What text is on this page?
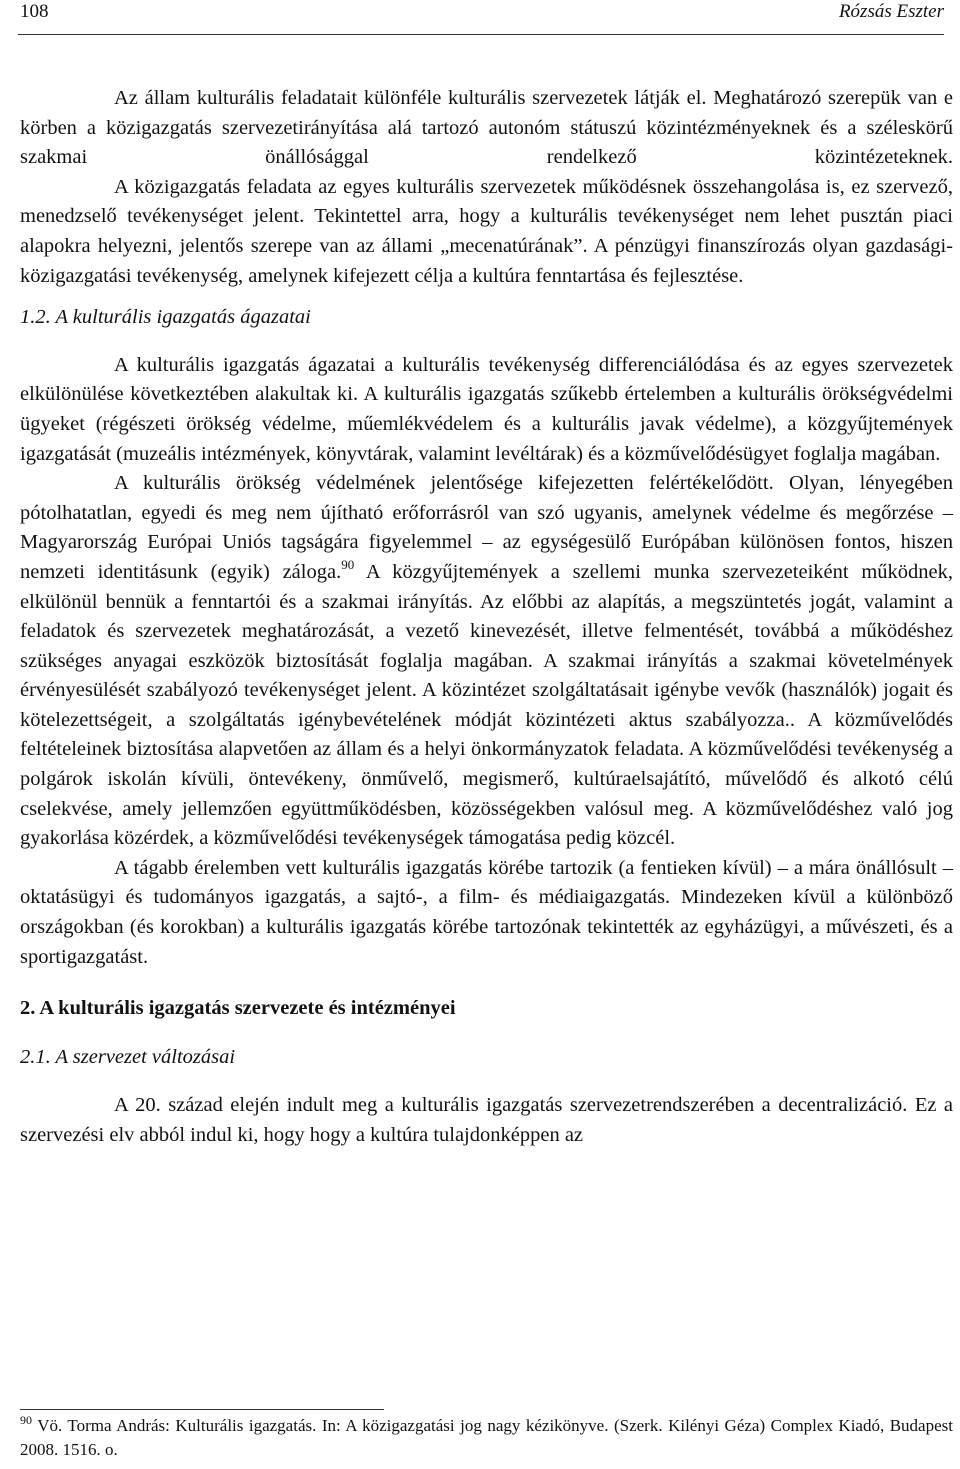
108	Rózsás Eszter

Az állam kulturális feladatait különféle kulturális szervezetek látják el. Meghatározó szerepük van e körben a közigazgatás szervezetirányítása alá tartozó autonóm státuszú közintézményeknek és a széleskörű szakmai önállósággal rendelkező közintézeteknek.

A közigazgatás feladata az egyes kulturális szervezetek működésnek összehangolása is, ez szervező, menedzselő tevékenységet jelent. Tekintettel arra, hogy a kulturális tevékenységet nem lehet pusztán piaci alapokra helyezni, jelentős szerepe van az állami „mecenatúrának”. A pénzügyi finanszírozás olyan gazdasági-közigazgatási tevékenység, amelynek kifejezett célja a kultúra fenntartása és fejlesztése.

1.2. A kulturális igazgatás ágazatai

A kulturális igazgatás ágazatai a kulturális tevékenység differenciálódása és az egyes szervezetek elkülönülése következtében alakultak ki. A kulturális igazgatás szűkebb értelemben a kulturális örökségvédelmi ügyeket (régészeti örökség védelme, műemlékvédelem és a kulturális javak védelme), a közgyűjtemények igazgatását (muzeális intézmények, könyvtárak, valamint levéltárak) és a közművelődésügyet foglalja magában.

A kulturális örökség védelmének jelentősége kifejezetten felértékelődött. Olyan, lényegében pótolhatatlan, egyedi és meg nem újítható erőforrásról van szó ugyanis, amelynek védelme és megőrzése – Magyarország Európai Uniós tagságára figyelemmel – az egységesülő Európában különösen fontos, hiszen nemzeti identitásunk (egyik) záloga.$^{90}$ A közgyűjtemények a szellemi munka szervezeteiként működnek, elkülönül bennük a fenntartói és a szakmai irányítás. Az előbbi az alapítás, a megszüntetés jogát, valamint a feladatok és szervezetek meghatározását, a vezető kinevezését, illetve felmentését, továbbá a működéshez szükséges anyagai eszközök biztosítását foglalja magában. A szakmai irányítás a szakmai követelmények érvényesülését szabályozó tevékenységet jelent. A közintézet szolgáltatásait igénybe vevők (használók) jogait és kötelezettségeit, a szolgáltatás igénybevételének módját közintézeti aktus szabályozza.. A közművelődés feltételeinek biztosítása alapvetően az állam és a helyi önkormányzatok feladata. A közművelődési tevékenység a polgárok iskolán kívüli, öntevékeny, önművelő, megismerő, kultúraelsajátító, művelődő és alkotó célú cselekvése, amely jellemzően együttműködésben, közösségekben valósul meg. A közművelődéshez való jog gyakorlása közérdek, a közművelődési tevékenységek támogatása pedig közcél.

A tágabb érelemben vett kulturális igazgatás körébe tartozik (a fentieken kívül) – a mára önállósult – oktatásügyi és tudományos igazgatás, a sajtó-, a film- és médiaigazgatás. Mindezeken kívül a különböző országokban (és korokban) a kulturális igazgatás körébe tartozónak tekintették az egyházügyi, a művészeti, és a sportigazgatást.

2. A kulturális igazgatás szervezete és intézményei

2.1. A szervezet változásai

A 20. század elején indult meg a kulturális igazgatás szervezetrendszerében a decentralizáció. Ez a szervezési elv abból indul ki, hogy hogy a kultúra tulajdonképpen az

$^{90}$ Vö. Torma András: Kulturális igazgatás. In: A közigazgatási jog nagy kézikönyve. (Szerk. Kilényi Géza) Complex Kiadó, Budapest 2008. 1516. o.
